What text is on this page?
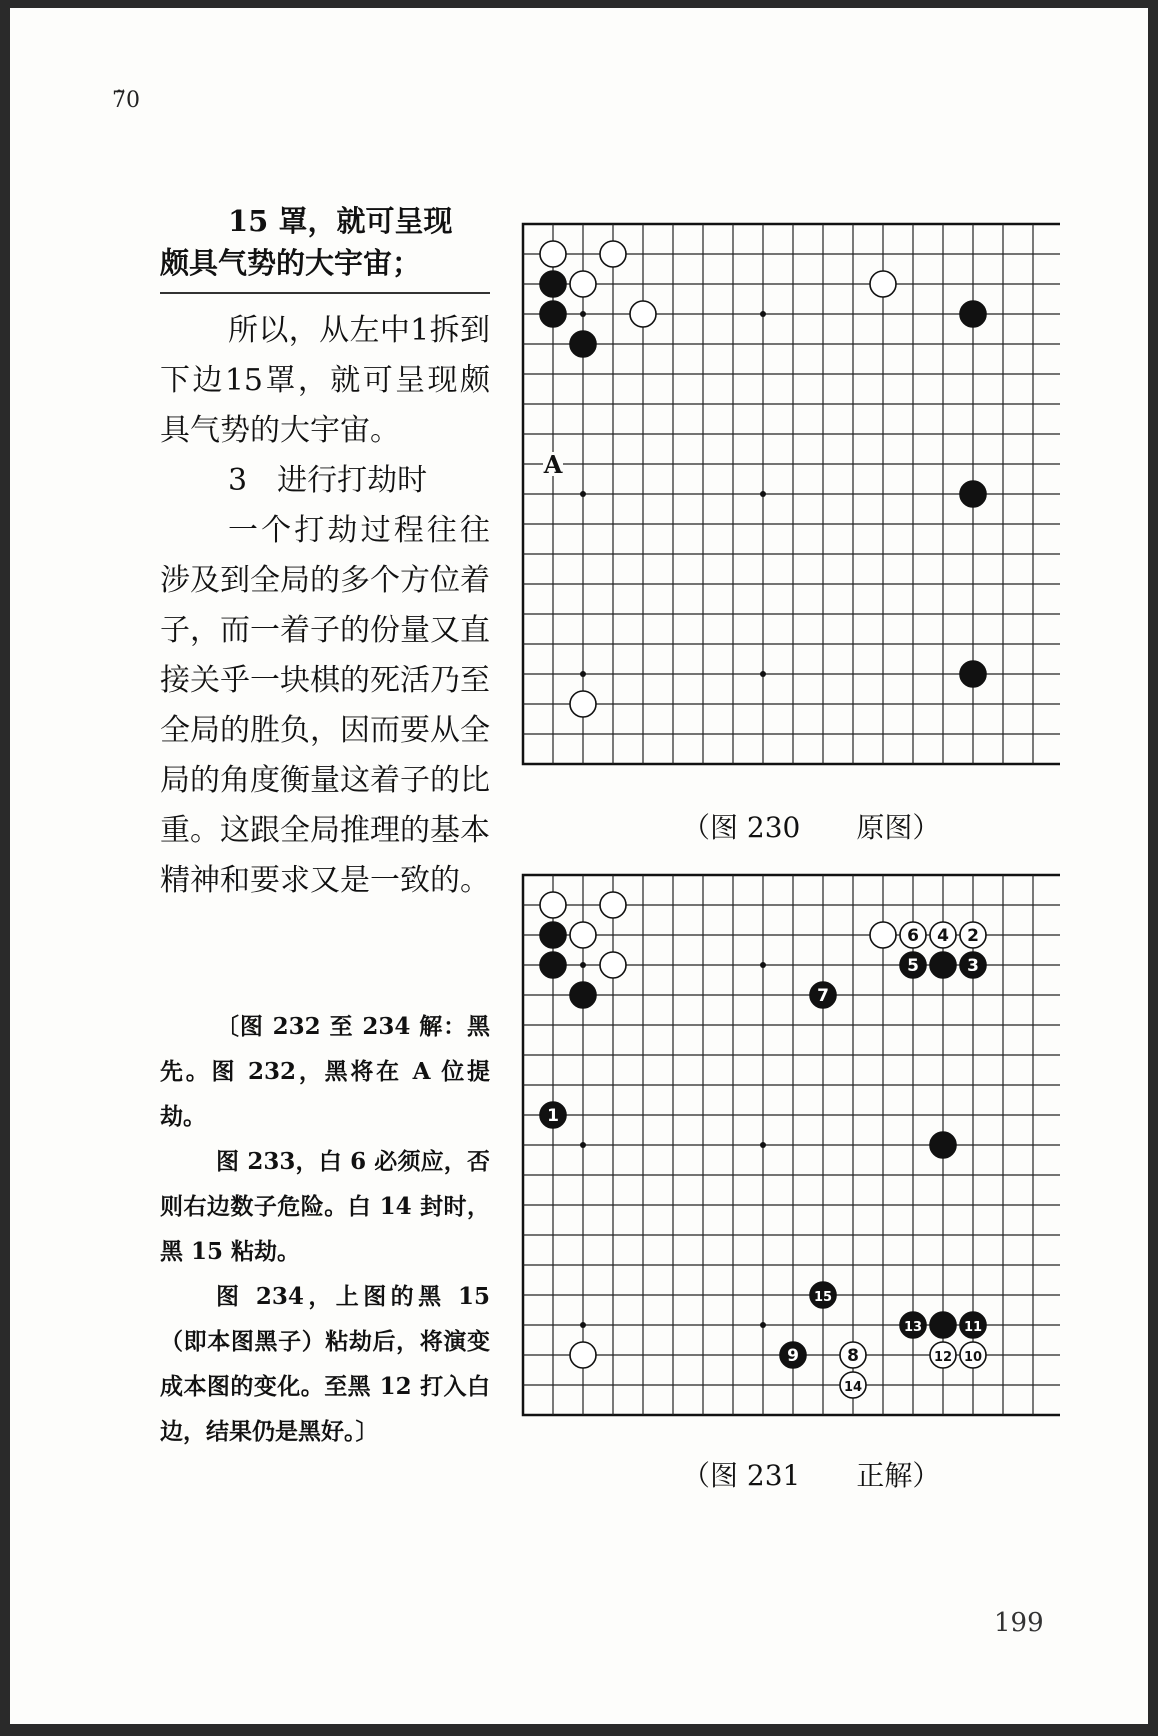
7̃0
15 罩，就可呈现
颇具气势的大宇宙；

所以，从左中1拆到下边15罩，就可呈现颇具气势的大宇宙。

3　进行打劫时

一个打劫过程往往涉及到全局的多个方位着子，而一着子的份量又直接关乎一块棋的死活乃至全局的胜负，因而要从全局的角度衡量这着子的比重。这跟全局推理的基本精神和要求又是一致的。

〔图 232 至 234 解：黑先。图 232，黑将在 A 位提劫。

图 233，白 6 必须应，否则右边数子危险。白 14 封时，黑 15 粘劫。

图 234，上图的黑 15（即本图黑子）粘劫后，将演变成本图的变化。至黑 12 打入白边，结果仍是黑好。〕

A
（图 230　　原图）
6 4 2
5	3
7
1
15
13	11
9	8	12 10
14
（图 231　　正解）
199
